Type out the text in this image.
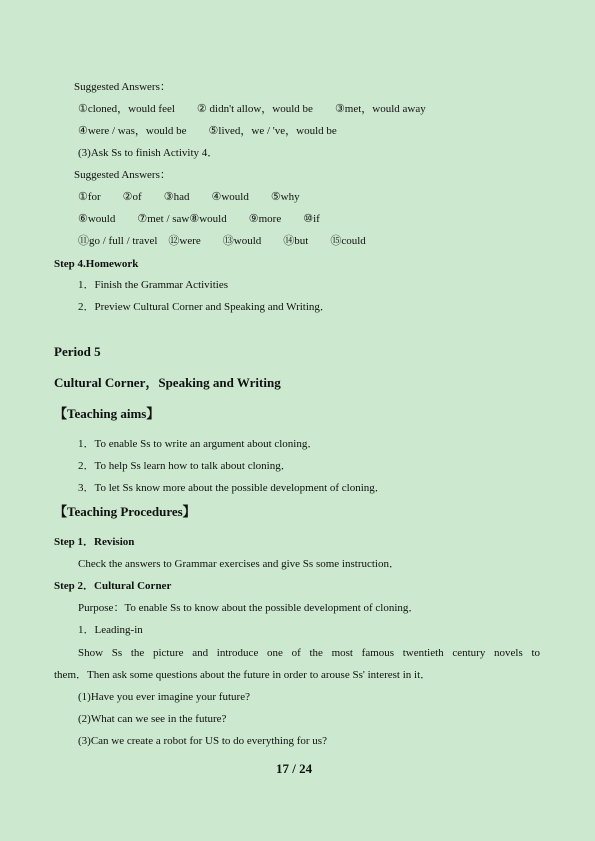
Suggested Answers：
①cloned，would feel　　② didn't allow，would be　　③met，would away
④were / was，would be　　⑤lived，we / 've，would be
(3)Ask Ss to finish Activity 4．
Suggested Answers：
①for　　②of　　③had　　④would　　⑤why
⑥would　　⑦met / saw⑧would　　⑨more　　⑩if
⑪go / full / travel　⑫were　　⑬would　　⑭but　　⑮could
Step 4.Homework
1．Finish the Grammar Activities
2．Preview Cultural Corner and Speaking and Writing．
Period 5
Cultural Corner，Speaking and Writing
【Teaching aims】
1．To enable Ss to write an argument about cloning．
2．To help Ss learn how to talk about cloning．
3．To let Ss know more about the possible development of cloning．
【Teaching Procedures】
Step 1．Revision
Check the answers to Grammar exercises and give Ss some instruction．
Step 2．Cultural Corner
Purpose：To enable Ss to know about the possible development of cloning．
1．Leading-in
Show Ss the picture and introduce one of the most famous twentieth century novels to
them．Then ask some questions about the future in order to arouse Ss' interest in it．
(1)Have you ever imagine your future?
(2)What can we see in the future?
(3)Can we create a robot for US to do everything for us?
17 / 24
